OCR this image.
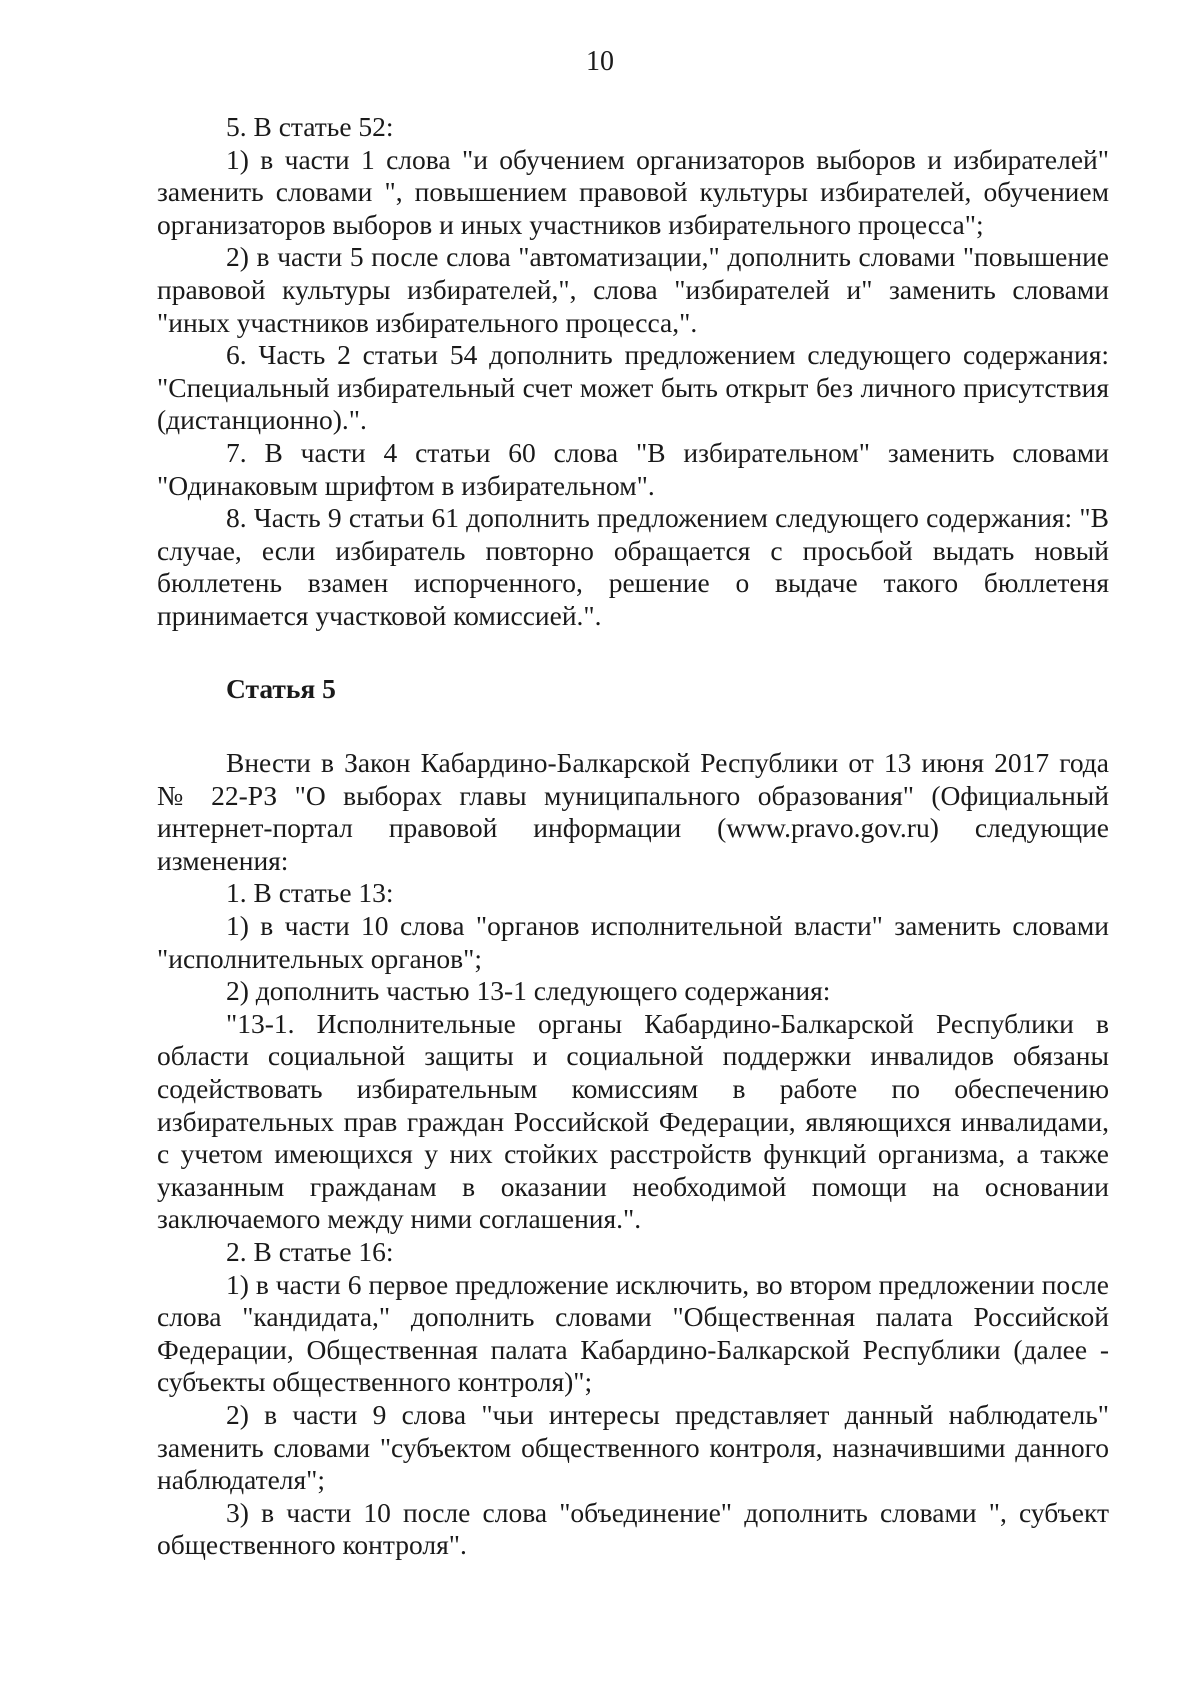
10

5. В статье 52:

1) в части 1 слова "и обучением организаторов выборов и избирателей" заменить словами ", повышением правовой культуры избирателей, обучением организаторов выборов и иных участников избирательного процесса";

2) в части 5 после слова "автоматизации," дополнить словами "повышение правовой культуры избирателей,", слова "избирателей и" заменить словами "иных участников избирательного процесса,".

6. Часть 2 статьи 54 дополнить предложением следующего содержания: "Специальный избирательный счет может быть открыт без личного присутствия (дистанционно).".

7. В части 4 статьи 60 слова "В избирательном" заменить словами "Одинаковым шрифтом в избирательном".

8. Часть 9 статьи 61 дополнить предложением следующего содержания: "В случае, если избиратель повторно обращается с просьбой выдать новый бюллетень взамен испорченного, решение о выдаче такого бюллетеня принимается участковой комиссией.".

Статья 5

Внести в Закон Кабардино-Балкарской Республики от 13 июня 2017 года № 22-РЗ "О выборах главы муниципального образования" (Официальный интернет-портал правовой информации (www.pravo.gov.ru) следующие изменения:

1. В статье 13:

1) в части 10 слова "органов исполнительной власти" заменить словами "исполнительных органов";

2) дополнить частью 13-1 следующего содержания:

"13-1. Исполнительные органы Кабардино-Балкарской Республики в области социальной защиты и социальной поддержки инвалидов обязаны содействовать избирательным комиссиям в работе по обеспечению избирательных прав граждан Российской Федерации, являющихся инвалидами, с учетом имеющихся у них стойких расстройств функций организма, а также указанным гражданам в оказании необходимой помощи на основании заключаемого между ними соглашения.".

2. В статье 16:

1) в части 6 первое предложение исключить, во втором предложении после слова "кандидата," дополнить словами "Общественная палата Российской Федерации, Общественная палата Кабардино-Балкарской Республики (далее - субъекты общественного контроля)";

2) в части 9 слова "чьи интересы представляет данный наблюдатель" заменить словами "субъектом общественного контроля, назначившими данного наблюдателя";

3) в части 10 после слова "объединение" дополнить словами ", субъект общественного контроля".
